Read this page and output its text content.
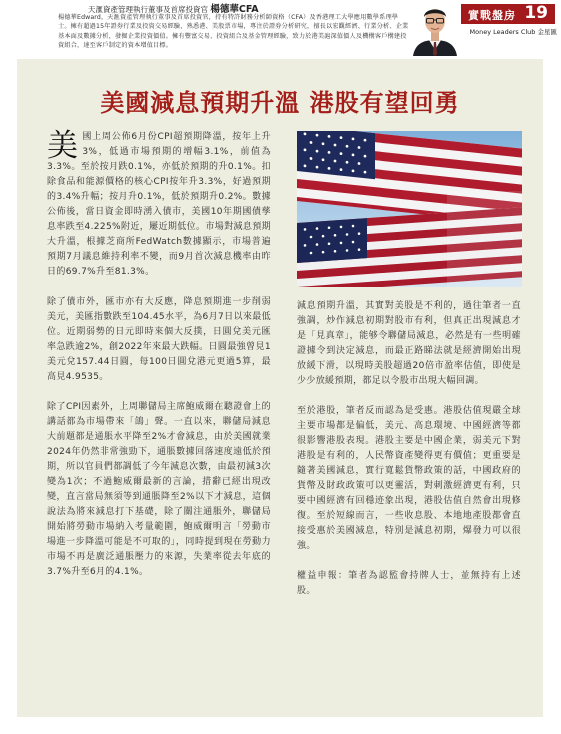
天滙資產管理執行董事及首席投資官 楊德華CFA
楊德華Edward，天滙資產管理執行董事及首席投資官，持有特許財務分析師資格（CFA）及香港理工大學應用數學系理學士。擁有超過15年證券行業及投資交易經驗，熟悉港、美股票市場，專注於證券分析研究，擅長以宏觀經濟、行業分析、企業基本面及數據分析，發掘企業投資價值。擁有豐富交易、投資組合及基金管理經驗，致力於港美滬深值價人及機構客戶構建投資組合，達至客戶制定的資本增值目標。
實戰盤房 19
Money Leaders Club 金星匯
美國減息預期升溫 港股有望回勇

美國上周公佈6月份CPI超預期降溫，按年上升3%，低過市場預期的增幅3.1%，前值為3.3%。至於按月跌0.1%，亦低於預期的升0.1%。扣除食品和能源價格的核心CPI按年升3.3%，好過預期的3.4%升幅；按月升0.1%，低於預期升0.2%。數據公佈後，當日資金即時湧入債市，美國10年期國債孳息率跌至4.225%附近，屢近期低位。市場對減息預期大升溫，根據芝商所FedWatch數據顯示，市場普遍預期7月議息維持利率不變，而9月首次減息機率由昨日的69.7%升至81.3%。

除了債市外，匯市亦有大反應，降息預期進一步削弱美元，美匯指數跌至104.45水平，為6月7日以來最低位。近期弱勢的日元即時來個大反撲，日圓兌美元匯率急跌逾2%，創2022年來最大跌幅。日圓最強曾見1美元兌157.44日圓，每100日圓兌港元更過5算，最高見4.9535。

除了CPI因素外，上周聯儲局主席鮑威爾在聽證會上的講話都為市場帶來「鴿」聲。一直以來，聯儲局減息大前題都是通脹水平降至2%才會減息，由於美國就業2024年仍然非常強勁下，通脹數據回落速度遠低於預期，所以官員們都調低了今年減息次數，由最初減3次變為1次；不過鮑威爾最新的言論，措辭已經出現改變，直言當局無須等到通脹降至2%以下才減息，這個說法為將來減息打下基礎，除了關注通脹外，聯儲局開始將勞動市場納入考量範圍，鮑威爾明言「勞動市場進一步降溫可能是不可取的」，同時提到現在勞動力市場不再是廣泛通脹壓力的來源，失業率從去年底的3.7%升至6月的4.1%。

減息預期升溫，其實對美股是不利的，過往筆者一直強調，炒作減息初期對股市有利，但真正出現減息才是「見真章」，能够令聯儲局減息，必然是有一些明確證據令到決定減息，而最正路睇法就是經濟開始出現放緩下滑，以現時美股超過20倍市盈率估值，即使是少少放緩預期，都足以令股市出現大幅回調。

至於港股，筆者反而認為是受惠。港股估值現嚴全球主要市場都是偏低，美元、高息環境、中國經濟等都很影響港股表現。港股主要是中國企業，弱美元下對港股是有利的，人民幣資產變得更有價值；更重要是隨著美國減息，實行寬鬆貨幣政策的話，中國政府的貨幣及財政政策可以更靈活，對刺激經濟更有利，只要中國經濟有回穩迹象出現，港股估值自然會出現修復。至於短線而言，一些收息股、本地地產股都會直接受惠於美國減息，特別是減息初期，爆發力可以很強。

權益申報：筆者為認監會持牌人士，並無持有上述股。
